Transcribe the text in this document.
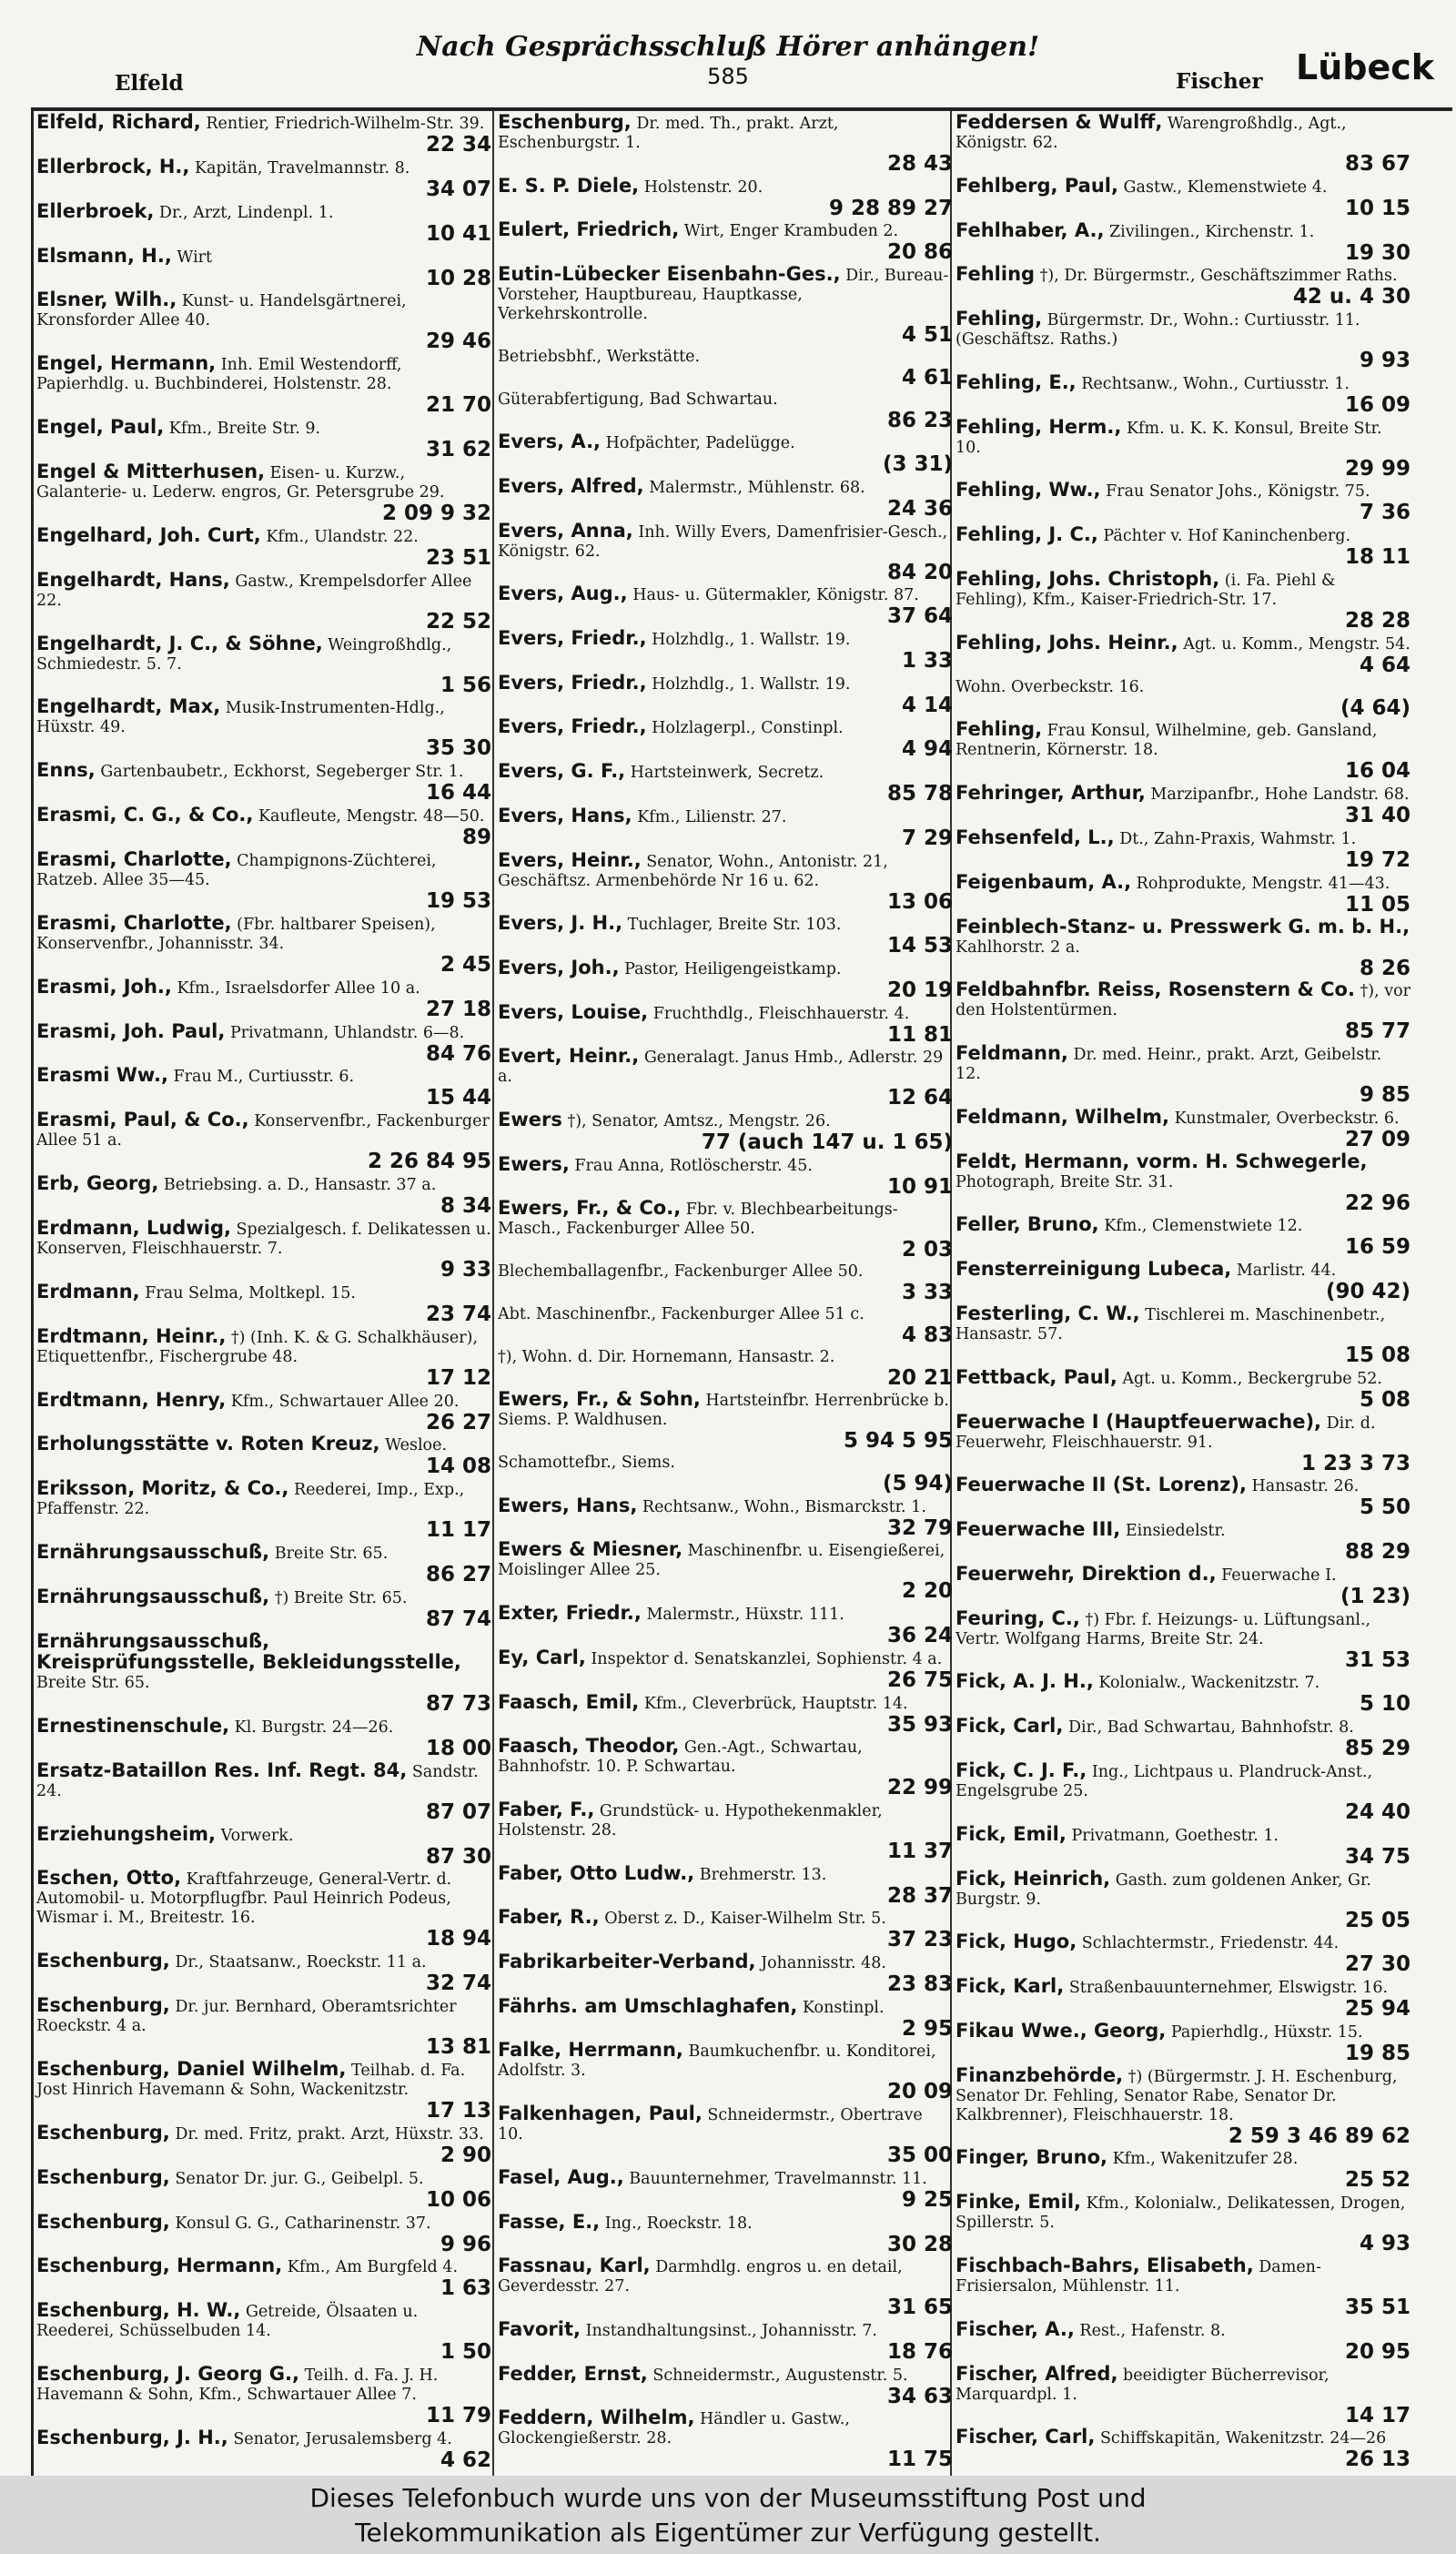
Nach Gesprächsschluß Hörer anhängen!
Elfeld	585	Fischer Lübeck
Elfeld, Richard, Rentier, Friedrich-Wilhelm-Str. 39.
22 34
Ellerbrock, H., Kapitän, Travelmannstr. 8.
34 07
Ellerbroek, Dr., Arzt, Lindenpl. 1.
10 41
Elsmann, H., Wirt
10 28
Elsner, Wilh., Kunst- u. Handelsgärtnerei, Kronsforder Allee 40.
29 46
Engel, Hermann, Inh. Emil Westendorff, Papierhdlg. u. Buchbinderei, Holstenstr. 28.
21 70
Engel, Paul, Kfm., Breite Str. 9.
31 62
Engel & Mitterhusen, Eisen- u. Kurzw., Galanterie- u. Lederw. engros, Gr. Petersgrube 29.
2 09 9 32
Engelhard, Joh. Curt, Kfm., Ulandstr. 22.
23 51
Engelhardt, Hans, Gastw., Krempelsdorfer Allee 22.
22 52
Engelhardt, J. C., & Söhne, Weingroßhdlg., Schmiedestr. 5. 7.
1 56
Engelhardt, Max, Musik-Instrumenten-Hdlg., Hüxstr. 49.
35 30
Enns, Gartenbaubetr., Eckhorst, Segeberger Str. 1.
16 44
Erasmi, C. G., & Co., Kaufleute, Mengstr. 48—50.
89
Erasmi, Charlotte, Champignons-Züchterei, Ratzeb. Allee 35—45.
19 53
Erasmi, Charlotte, (Fbr. haltbarer Speisen), Konservenfbr., Johannisstr. 34.
2 45
Erasmi, Joh., Kfm., Israelsdorfer Allee 10 a.
27 18
Erasmi, Joh. Paul, Privatmann, Uhlandstr. 6—8.
84 76
Erasmi Ww., Frau M., Curtiusstr. 6.
15 44
Erasmi, Paul, & Co., Konservenfbr., Fackenburger Allee 51 a.
2 26 84 95
Erb, Georg, Betriebsing. a. D., Hansastr. 37 a.
8 34
Erdmann, Ludwig, Spezialgesch. f. Delikatessen u. Konserven, Fleischhauerstr. 7.
9 33
Erdmann, Frau Selma, Moltkepl. 15.
23 74
Erdtmann, Heinr., †) (Inh. K. & G. Schalkhäuser), Etiquettenfbr., Fischergrube 48.
17 12
Erdtmann, Henry, Kfm., Schwartauer Allee 20.
26 27
Erholungsstätte v. Roten Kreuz, Wesloe.
14 08
Eriksson, Moritz, & Co., Reederei, Imp., Exp., Pfaffenstr. 22.
11 17
Ernährungsausschuß, Breite Str. 65.
86 27
Ernährungsausschuß, †) Breite Str. 65.
87 74
Ernährungsausschuß, Kreisprüfungsstelle, Bekleidungsstelle, Breite Str. 65.
87 73
Ernestinenschule, Kl. Burgstr. 24—26.
18 00
Ersatz-Bataillon Res. Inf. Regt. 84, Sandstr. 24.
87 07
Erziehungsheim, Vorwerk.
87 30
Eschen, Otto, Kraftfahrzeuge, General-Vertr. d. Automobil- u. Motorpflugfbr. Paul Heinrich Podeus, Wismar i. M., Breitestr. 16.
18 94
Eschenburg, Dr., Staatsanw., Roeckstr. 11 a.
32 74
Eschenburg, Dr. jur. Bernhard, Oberamtsrichter Roeckstr. 4 a.
13 81
Eschenburg, Daniel Wilhelm, Teilhab. d. Fa. Jost Hinrich Havemann & Sohn, Wackenitzstr.
17 13
Eschenburg, Dr. med. Fritz, prakt. Arzt, Hüxstr. 33.
2 90
Eschenburg, Senator Dr. jur. G., Geibelpl. 5.
10 06
Eschenburg, Konsul G. G., Catharinenstr. 37.
9 96
Eschenburg, Hermann, Kfm., Am Burgfeld 4.
1 63
Eschenburg, H. W., Getreide, Ölsaaten u. Reederei, Schüsselbuden 14.
1 50
Eschenburg, J. Georg G., Teilh. d. Fa. J. H. Havemann & Sohn, Kfm., Schwartauer Allee 7.
11 79
Eschenburg, J. H., Senator, Jerusalemsberg 4.
4 62
Eschenburg, Dr. med. Th., prakt. Arzt, Eschenburgstr. 1.
28 43
E. S. P. Diele, Holstenstr. 20.
9 28 89 27
Eulert, Friedrich, Wirt, Enger Krambuden 2.
20 86
Eutin-Lübecker Eisenbahn-Ges., Dir., Bureau-Vorsteher, Hauptbureau, Hauptkasse, Verkehrskontrolle.
4 51
Betriebsbhf., Werkstätte.
4 61
Güterabfertigung, Bad Schwartau.
86 23
Evers, A., Hofpächter, Padelügge.
(3 31)
Evers, Alfred, Malermstr., Mühlenstr. 68.
24 36
Evers, Anna, Inh. Willy Evers, Damenfrisier-Gesch., Königstr. 62.
84 20
Evers, Aug., Haus- u. Gütermakler, Königstr. 87.
37 64
Evers, Friedr., Holzhdlg., 1. Wallstr. 19.
1 33
Evers, Friedr., Holzhdlg., 1. Wallstr. 19.
4 14
Evers, Friedr., Holzlagerpl., Constinpl.
4 94
Evers, G. F., Hartsteinwerk, Secretz.
85 78
Evers, Hans, Kfm., Lilienstr. 27.
7 29
Evers, Heinr., Senator, Wohn., Antonistr. 21, Geschäftsz. Armenbehörde Nr 16 u. 62.
13 06
Evers, J. H., Tuchlager, Breite Str. 103.
14 53
Evers, Joh., Pastor, Heiligengeistkamp.
20 19
Evers, Louise, Fruchthdlg., Fleischhauerstr. 4.
11 81
Evert, Heinr., Generalagt. Janus Hmb., Adlerstr. 29 a.
12 64
Ewers †), Senator, Amtsz., Mengstr. 26.
77 (auch 147 u. 1 65)
Ewers, Frau Anna, Rotlöscherstr. 45.
10 91
Ewers, Fr., & Co., Fbr. v. Blechbearbeitungs-Masch., Fackenburger Allee 50.
2 03
Blechemballagenfbr., Fackenburger Allee 50.
3 33
Abt. Maschinenfbr., Fackenburger Allee 51 c.
4 83
†), Wohn. d. Dir. Hornemann, Hansastr. 2.
20 21
Ewers, Fr., & Sohn, Hartsteinfbr. Herrenbrücke b. Siems. P. Waldhusen.
5 94 5 95
Schamottefbr., Siems.
(5 94)
Ewers, Hans, Rechtsanw., Wohn., Bismarckstr. 1.
32 79
Ewers & Miesner, Maschinenfbr. u. Eisengießerei, Moislinger Allee 25.
2 20
Exter, Friedr., Malermstr., Hüxstr. 111.
36 24
Ey, Carl, Inspektor d. Senatskanzlei, Sophienstr. 4 a.
26 75
Faasch, Emil, Kfm., Cleverbrück, Hauptstr. 14.
35 93
Faasch, Theodor, Gen.-Agt., Schwartau, Bahnhofstr. 10. P. Schwartau.
22 99
Faber, F., Grundstück- u. Hypothekenmakler, Holstenstr. 28.
11 37
Faber, Otto Ludw., Brehmerstr. 13.
28 37
Faber, R., Oberst z. D., Kaiser-Wilhelm Str. 5.
37 23
Fabrikarbeiter-Verband, Johannisstr. 48.
23 83
Fährhs. am Umschlaghafen, Konstinpl.
2 95
Falke, Herrmann, Baumkuchenfbr. u. Konditorei, Adolfstr. 3.
20 09
Falkenhagen, Paul, Schneidermstr., Obertrave 10.
35 00
Fasel, Aug., Bauunternehmer, Travelmannstr. 11.
9 25
Fasse, E., Ing., Roeckstr. 18.
30 28
Fassnau, Karl, Darmhdlg. engros u. en detail, Geverdesstr. 27.
31 65
Favorit, Instandhaltungsinst., Johannisstr. 7.
18 76
Fedder, Ernst, Schneidermstr., Augustenstr. 5.
34 63
Feddern, Wilhelm, Händler u. Gastw., Glockengießerstr. 28.
11 75
Feddersen & Wulff, Warengroßhdlg., Agt., Königstr. 62.
83 67
Fehlberg, Paul, Gastw., Klemenstwiete 4.
10 15
Fehlhaber, A., Zivilingen., Kirchenstr. 1.
19 30
Fehling †), Dr. Bürgermstr., Geschäftszimmer Raths.
42 u. 4 30
Fehling, Bürgermstr. Dr., Wohn.: Curtiusstr. 11. (Geschäftsz. Raths.)
9 93
Fehling, E., Rechtsanw., Wohn., Curtiusstr. 1.
16 09
Fehling, Herm., Kfm. u. K. K. Konsul, Breite Str. 10.
29 99
Fehling, Ww., Frau Senator Johs., Königstr. 75.
7 36
Fehling, J. C., Pächter v. Hof Kaninchenberg.
18 11
Fehling, Johs. Christoph, (i. Fa. Piehl & Fehling), Kfm., Kaiser-Friedrich-Str. 17.
28 28
Fehling, Johs. Heinr., Agt. u. Komm., Mengstr. 54.
4 64
Wohn. Overbeckstr. 16.
(4 64)
Fehling, Frau Konsul, Wilhelmine, geb. Gansland, Rentnerin, Körnerstr. 18.
16 04
Fehringer, Arthur, Marzipanfbr., Hohe Landstr. 68.
31 40
Fehsenfeld, L., Dt., Zahn-Praxis, Wahmstr. 1.
19 72
Feigenbaum, A., Rohprodukte, Mengstr. 41—43.
11 05
Feinblech-Stanz- u. Presswerk G. m. b. H., Kahlhorstr. 2 a.
8 26
Feldbahnfbr. Reiss, Rosenstern & Co. †), vor den Holstentürmen.
85 77
Feldmann, Dr. med. Heinr., prakt. Arzt, Geibelstr. 12.
9 85
Feldmann, Wilhelm, Kunstmaler, Overbeckstr. 6.
27 09
Feldt, Hermann, vorm. H. Schwegerle, Photograph, Breite Str. 31.
22 96
Feller, Bruno, Kfm., Clemenstwiete 12.
16 59
Fensterreinigung Lubeca, Marlistr. 44.
(90 42)
Festerling, C. W., Tischlerei m. Maschinenbetr., Hansastr. 57.
15 08
Fettback, Paul, Agt. u. Komm., Beckergrube 52.
5 08
Feuerwache I (Hauptfeuerwache), Dir. d. Feuerwehr, Fleischhauerstr. 91.
1 23 3 73
Feuerwache II (St. Lorenz), Hansastr. 26.
5 50
Feuerwache III, Einsiedelstr.
88 29
Feuerwehr, Direktion d., Feuerwache I.
(1 23)
Feuring, C., †) Fbr. f. Heizungs- u. Lüftungsanl., Vertr. Wolfgang Harms, Breite Str. 24.
31 53
Fick, A. J. H., Kolonialw., Wackenitzstr. 7.
5 10
Fick, Carl, Dir., Bad Schwartau, Bahnhofstr. 8.
85 29
Fick, C. J. F., Ing., Lichtpaus u. Plandruck-Anst., Engelsgrube 25.
24 40
Fick, Emil, Privatmann, Goethestr. 1.
34 75
Fick, Heinrich, Gasth. zum goldenen Anker, Gr. Burgstr. 9.
25 05
Fick, Hugo, Schlachtermstr., Friedenstr. 44.
27 30
Fick, Karl, Straßenbauunternehmer, Elswigstr. 16.
25 94
Fikau Wwe., Georg, Papierhdlg., Hüxstr. 15.
19 85
Finanzbehörde, †) (Bürgermstr. J. H. Eschenburg, Senator Dr. Fehling, Senator Rabe, Senator Dr. Kalkbrenner), Fleischhauerstr. 18.
2 59 3 46 89 62
Finger, Bruno, Kfm., Wakenitzufer 28.
25 52
Finke, Emil, Kfm., Kolonialw., Delikatessen, Drogen, Spillerstr. 5.
4 93
Fischbach-Bahrs, Elisabeth, Damen-Frisiersalon, Mühlenstr. 11.
35 51
Fischer, A., Rest., Hafenstr. 8.
20 95
Fischer, Alfred, beeidigter Bücherrevisor, Marquardpl. 1.
14 17
Fischer, Carl, Schiffskapitän, Wakenitzstr. 24—26
26 13
Dieses Telefonbuch wurde uns von der Museumsstiftung Post und
Telekommunikation als Eigentümer zur Verfügung gestellt.
